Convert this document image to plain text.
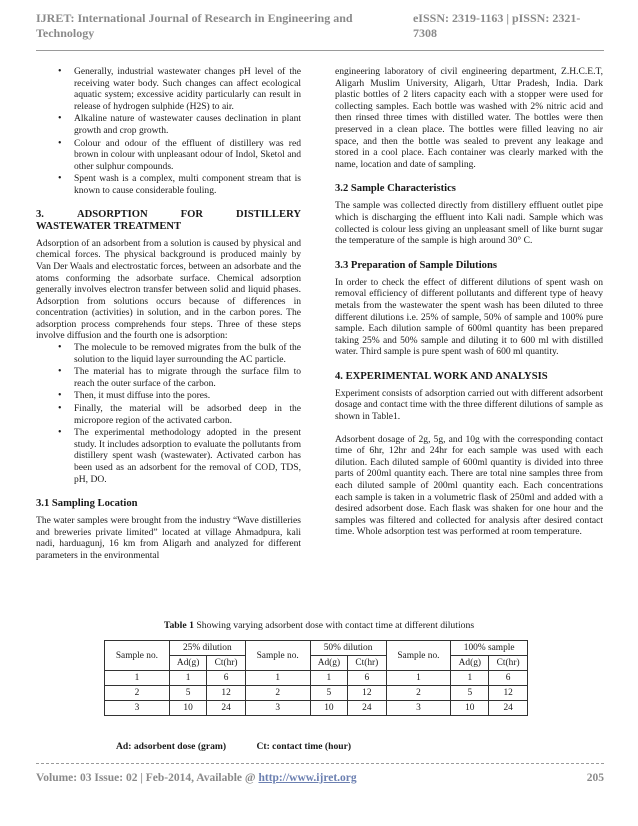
IJRET: International Journal of Research in Engineering and Technology
eISSN: 2319-1163 | pISSN: 2321-7308
• Generally, industrial wastewater changes pH level of the receiving water body. Such changes can affect ecological aquatic system; excessive acidity particularly can result in release of hydrogen sulphide (H2S) to air.
• Alkaline nature of wastewater causes declination in plant growth and crop growth.
• Colour and odour of the effluent of distillery was red brown in colour with unpleasant odour of Indol, Sketol and other sulphur compounds.
• Spent wash is a complex, multi component stream that is known to cause considerable fouling.
3.	ADSORPTION	FOR	DISTILLERY
WASTEWATER TREATMENT

Adsorption of an adsorbent from a solution is caused by physical and chemical forces. The physical background is produced mainly by Van Der Waals and electrostatic forces, between an adsorbate and the atoms conforming the adsorbate surface. Chemical adsorption generally involves electron transfer between solid and liquid phases. Adsorption from solutions occurs because of differences in concentration (activities) in solution, and in the carbon pores. The adsorption process comprehends four steps. Three of these steps involve diffusion and the fourth one is adsorption:

• The molecule to be removed migrates from the bulk of the solution to the liquid layer surrounding the AC particle.
• The material has to migrate through the surface film to reach the outer surface of the carbon.
• Then, it must diffuse into the pores.
• Finally, the material will be adsorbed deep in the micropore region of the activated carbon.
• The experimental methodology adopted in the present study. It includes adsorption to evaluate the pollutants from distillery spent wash (wastewater). Activated carbon has been used as an adsorbent for the removal of COD, TDS, pH, DO.
3.1 Sampling Location

The water samples were brought from the industry “Wave distilleries and breweries private limited” located at village Ahmadpura, kali nadi, harduagunj, 16 km from Aligarh and analyzed for different parameters in the environmental

engineering laboratory of civil engineering department, Z.H.C.E.T, Aligarh Muslim University, Aligarh, Uttar Pradesh, India. Dark plastic bottles of 2 liters capacity each with a stopper were used for collecting samples. Each bottle was washed with 2% nitric acid and then rinsed three times with distilled water. The bottles were then preserved in a clean place. The bottles were filled leaving no air space, and then the bottle was sealed to prevent any leakage and stored in a cool place. Each container was clearly marked with the name, location and date of sampling.

3.2 Sample Characteristics

The sample was collected directly from distillery effluent outlet pipe which is discharging the effluent into Kali nadi. Sample which was collected is colour less giving an unpleasant smell of like burnt sugar the temperature of the sample is high around 30° C.

3.3 Preparation of Sample Dilutions

In order to check the effect of different dilutions of spent wash on removal efficiency of different pollutants and different type of heavy metals from the wastewater the spent wash has been diluted to three different dilutions i.e. 25% of sample, 50% of sample and 100% pure sample. Each dilution sample of 600ml quantity has been prepared taking 25% and 50% sample and diluting it to 600 ml with distilled water. Third sample is pure spent wash of 600 ml quantity.

4. EXPERIMENTAL WORK AND ANALYSIS

Experiment consists of adsorption carried out with different adsorbent dosage and contact time with the three different dilutions of sample as shown in Table1.

Adsorbent dosage of 2g, 5g, and 10g with the corresponding contact time of 6hr, 12hr and 24hr for each sample was used with each dilution. Each diluted sample of 600ml quantity is divided into three parts of 200ml quantity each. There are total nine samples three from each diluted sample of 200ml quantity each. Each concentrations each sample is taken in a volumetric flask of 250ml and added with a desired adsorbent dose. Each flask was shaken for one hour and the samples was filtered and collected for analysis after desired contact time. Whole adsorption test was performed at room temperature.

Table 1 Showing varying adsorbent dose with contact time at different dilutions
Sample no.	25% dilution		Sample no.	50% dilution		Sample no.	100% sample	
	Ad(g)	Ct(hr)		Ad(g)	Ct(hr)		Ad(g)	Ct(hr)
1	1	6	1	1	6	1	1	6
2	5	12	2	5	12	2	5	12
3	10	24	3	10	24	3	10	24
Ad: adsorbent dose (gram)	Ct: contact time (hour)
Volume: 03 Issue: 02 | Feb-2014, Available @ http://www.ijret.org	205
